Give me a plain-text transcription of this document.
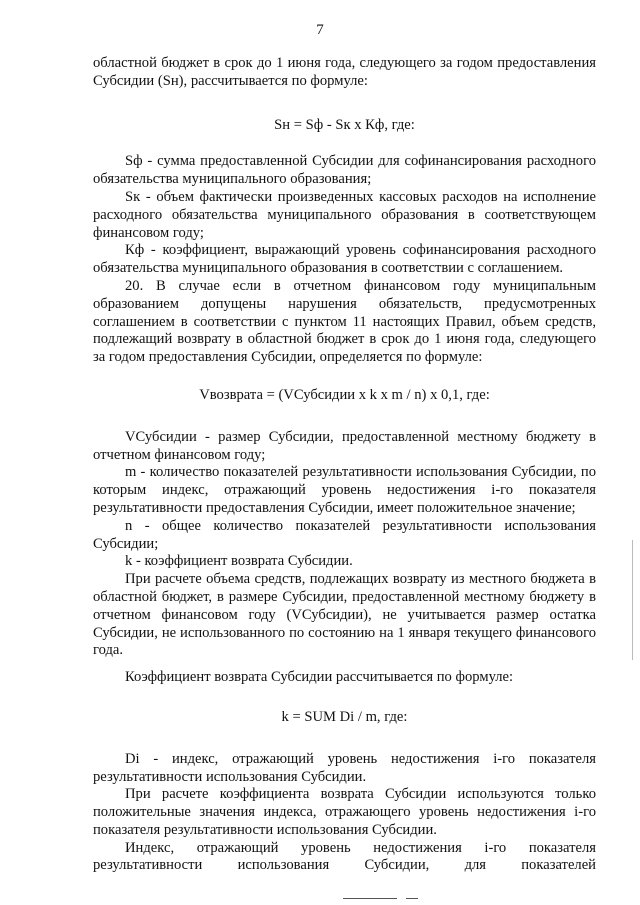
7

областной бюджет в срок до 1 июня года, следующего за годом предоставления Субсидии (Sн), рассчитывается по формуле:

Sн = Sф - Sк x Кф, где:

Sф - сумма предоставленной Субсидии для софинансирования расходного обязательства муниципального образования;

Sк - объем фактически произведенных кассовых расходов на исполнение расходного обязательства муниципального образования в соответствующем финансовом году;

Кф - коэффициент, выражающий уровень софинансирования расходного обязательства муниципального образования в соответствии с соглашением.

20. В случае если в отчетном финансовом году муниципальным образованием допущены нарушения обязательств, предусмотренных соглашением в соответствии с пунктом 11 настоящих Правил, объем средств, подлежащий возврату в областной бюджет в срок до 1 июня года, следующего за годом предоставления Субсидии, определяется по формуле:

Vвозврата = (VСубсидии x k x m / n) x 0,1, где:

VСубсидии - размер Субсидии, предоставленной местному бюджету в отчетном финансовом году;

m - количество показателей результативности использования Субсидии, по которым индекс, отражающий уровень недостижения i-го показателя результативности предоставления Субсидии, имеет положительное значение;

n - общее количество показателей результативности использования Субсидии;

k - коэффициент возврата Субсидии.

При расчете объема средств, подлежащих возврату из местного бюджета в областной бюджет, в размере Субсидии, предоставленной местному бюджету в отчетном финансовом году (VСубсидии), не учитывается размер остатка Субсидии, не использованного по состоянию на 1 января текущего финансового года.

Коэффициент возврата Субсидии рассчитывается по формуле:

k = SUM Di / m, где:

Di - индекс, отражающий уровень недостижения i-го показателя результативности использования Субсидии.

При расчете коэффициента возврата Субсидии используются только положительные значения индекса, отражающего уровень недостижения i-го показателя результативности использования Субсидии.

Индекс, отражающий уровень недостижения i-го показателя результативности использования Субсидии, для показателей
